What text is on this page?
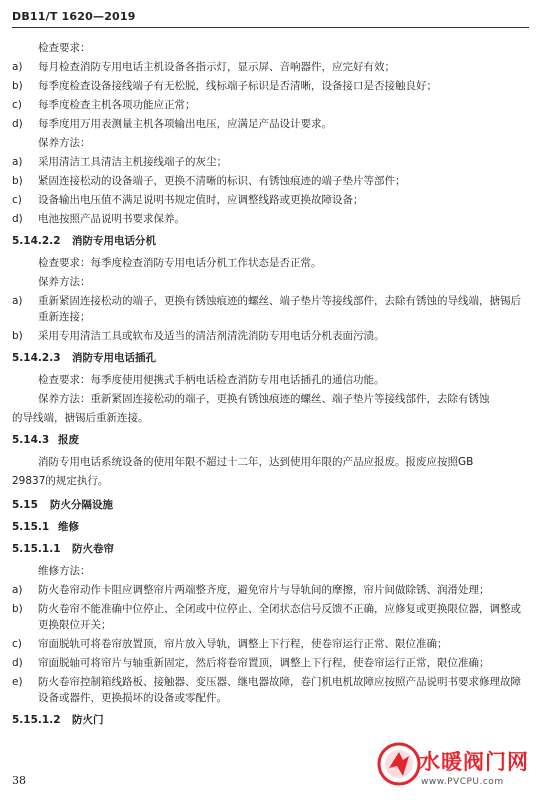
DB11/T 1620—2019
检查要求：
a)	每月检查消防专用电话主机设备各指示灯，显示屏、音响器件，应完好有效；
b)	每季度检查设备接线端子有无松脱，线标端子标识是否清晰，设备接口是否接触良好；
c)	每季度检查主机各项功能应正常；
d)	每季度用万用表测量主机各项输出电压，应满足产品设计要求。
保养方法：
a)	采用清洁工具清洁主机接线端子的灰尘；
b)	紧固连接松动的设备端子，更换不清晰的标识、有锈蚀痕迹的端子垫片等部件；
c)	设备输出电压值不满足说明书规定值时，应调整线路或更换故障设备；
d)	电池按照产品说明书要求保养。
5.14.2.2	消防专用电话分机
检查要求：每季度检查消防专用电话分机工作状态是否正常。
保养方法：
a)	重新紧固连接松动的端子，更换有锈蚀痕迹的螺丝、端子垫片等接线部件，去除有锈蚀的导线端，搪锡后重新连接；
b)	采用专用清洁工具或软布及适当的清洁剂清洗消防专用电话分机表面污渍。
5.14.2.3	消防专用电话插孔
检查要求：每季度使用便携式手柄电话检查消防专用电话插孔的通信功能。
保养方法：重新紧固连接松动的端子，更换有锈蚀痕迹的螺丝、端子垫片等接线部件，去除有锈蚀
的导线端，搪锡后重新连接。
5.14.3 报废
消防专用电话系统设备的使用年限不超过十二年，达到使用年限的产品应报废。报废应按照GB
29837的规定执行。
5.15	防火分隔设施
5.15.1 维修
5.15.1.1	防火卷帘
维修方法：
a)	防火卷帘动作卡阻应调整帘片两端整齐度，避免帘片与导轨间的摩擦，帘片间做除锈、润滑处理；
b)	防火卷帘不能准确中位停止、全闭或中位停止、全闭状态信号反馈不正确，应修复或更换限位器，调整或更换限位开关；
c)	帘面脱轨可将卷帘放置顶，帘片放入导轨，调整上下行程，使卷帘运行正常、限位准确；
d)	帘面脱轴可将帘片与轴重新固定，然后将卷帘置顶，调整上下行程，使卷帘运行正常，限位准确；
e)	防火卷帘控制箱线路板、接触器、变压器、继电器故障，卷门机电机故障应按照产品说明书要求修理故障设备或器件，更换损坏的设备或零配件。
5.15.1.2	防火门
38
水暖阀门网
www.PVCPU.com
